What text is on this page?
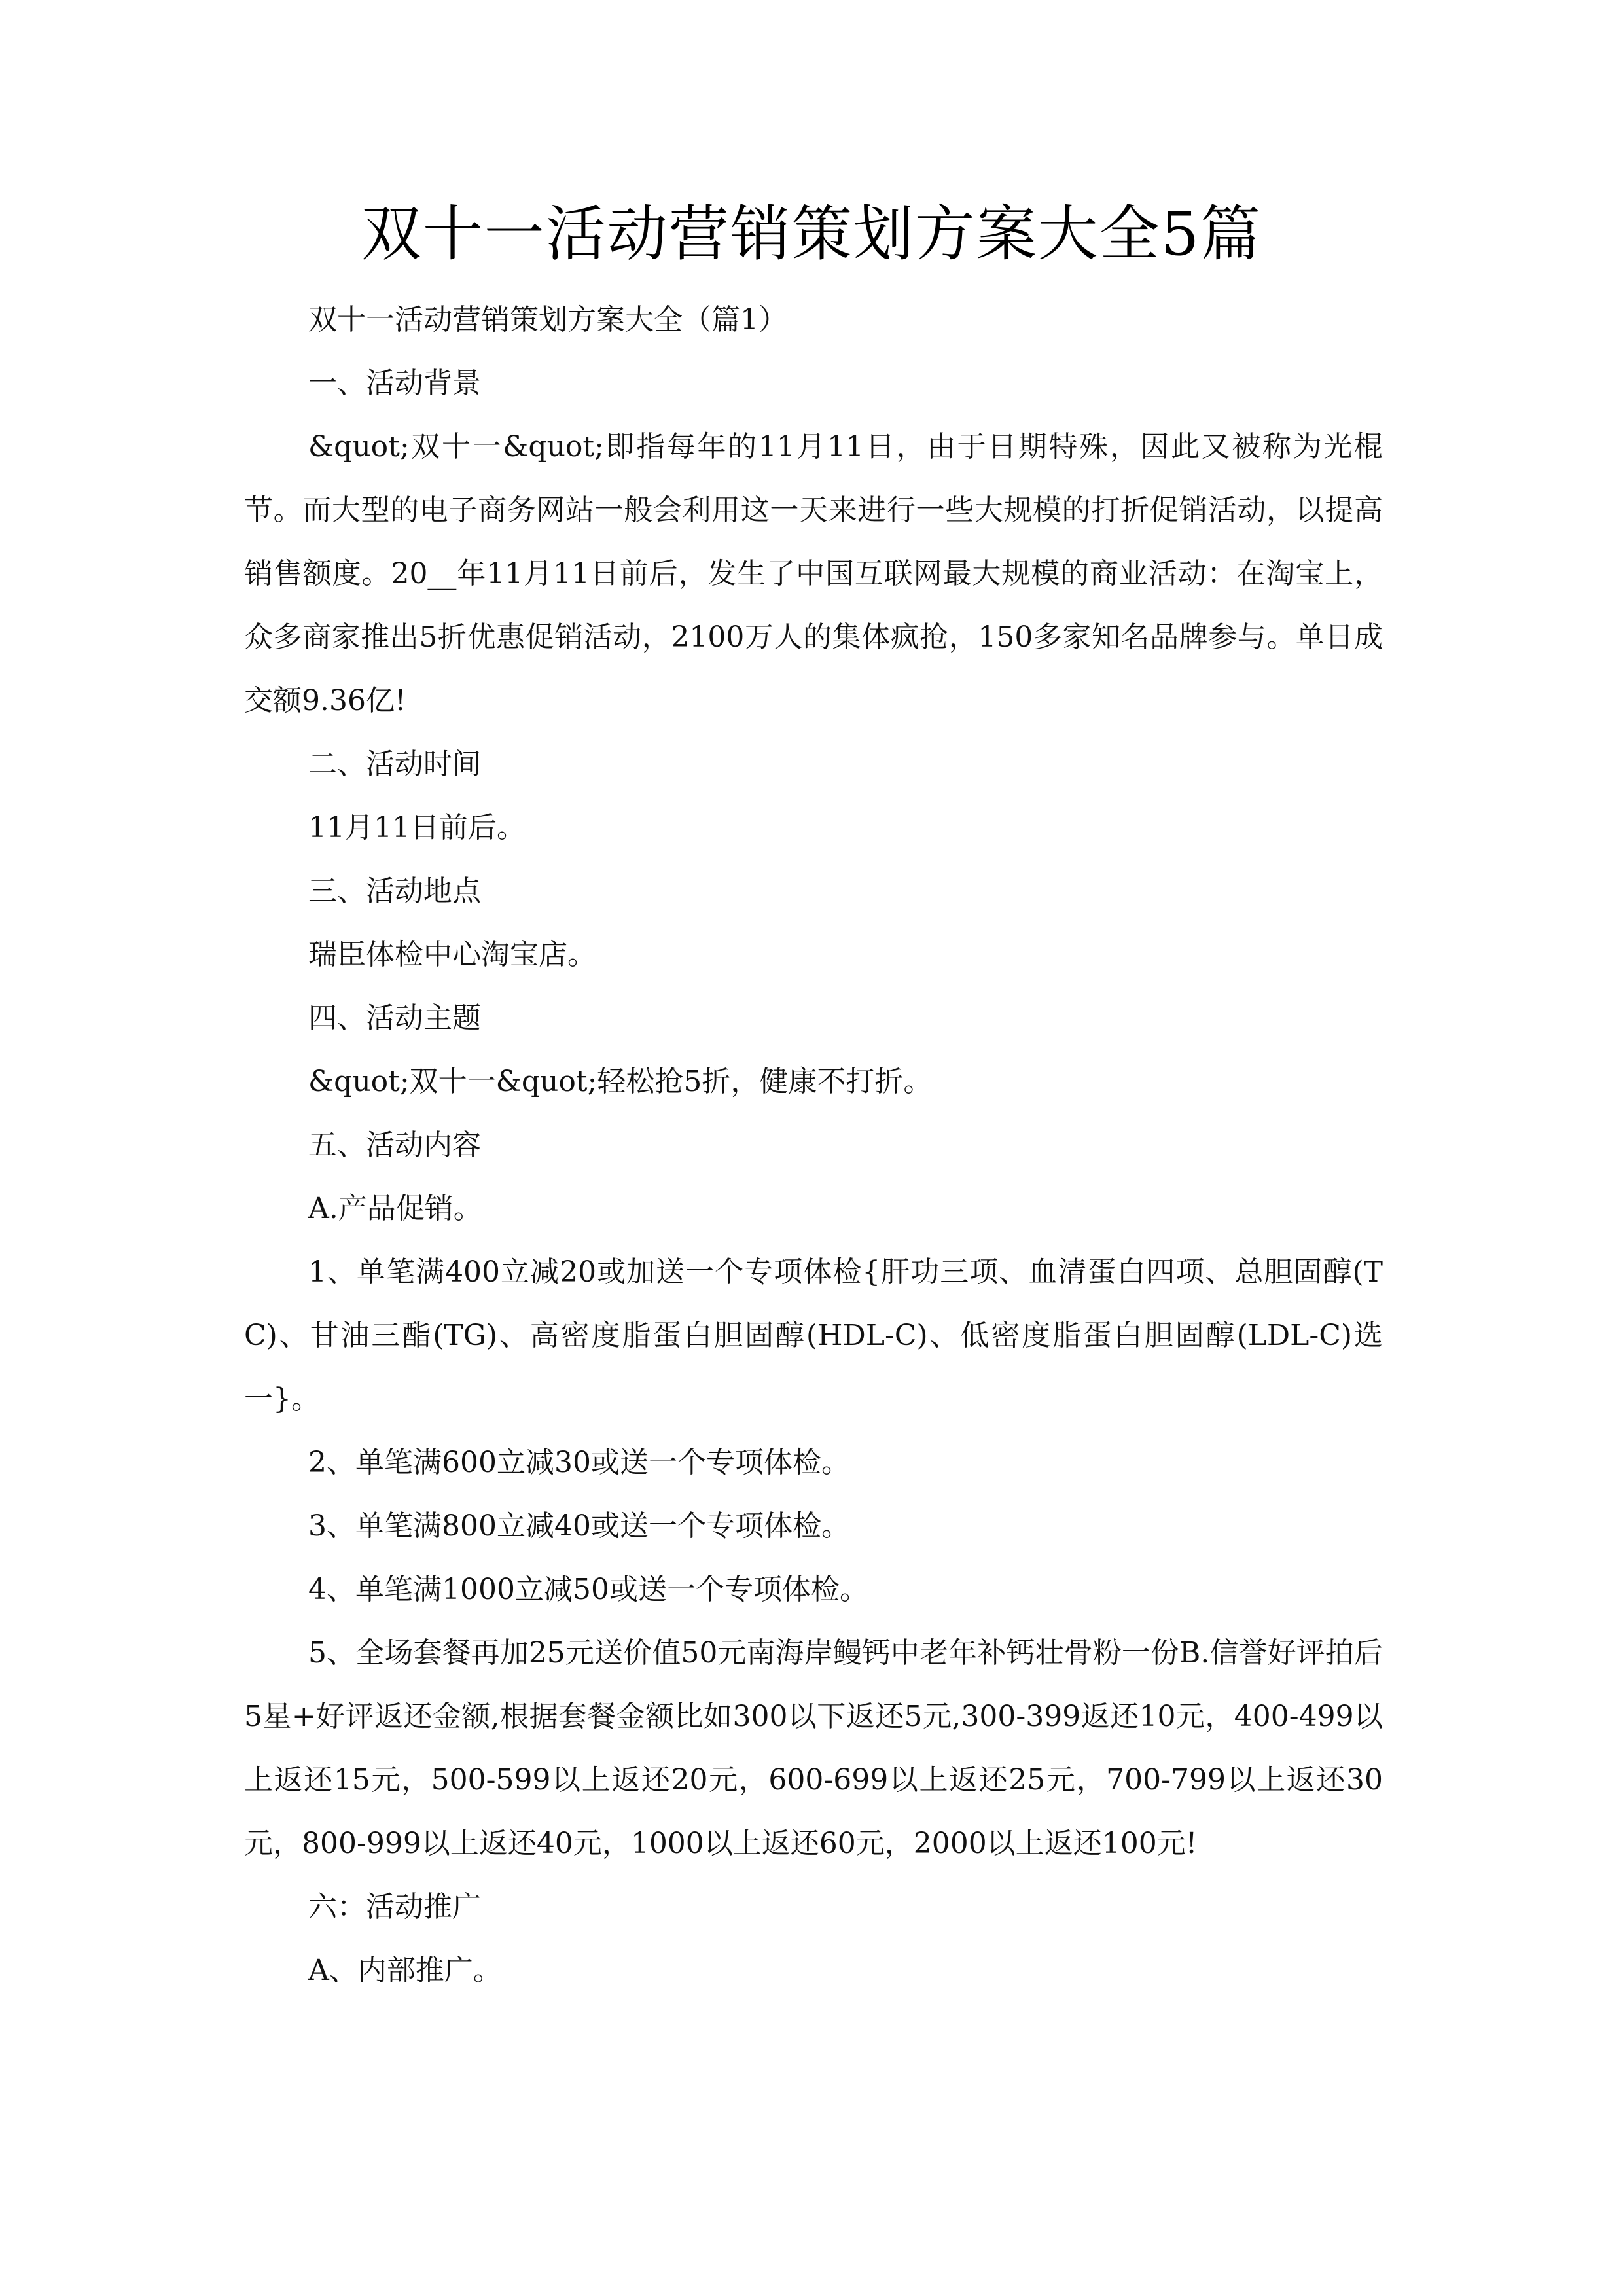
双十一活动营销策划方案大全5篇

双十一活动营销策划方案大全（篇1）

一、活动背景

&quot;双十一&quot;即指每年的11月11日，由于日期特殊，因此又被称为光棍节。而大型的电子商务网站一般会利用这一天来进行一些大规模的打折促销活动，以提高销售额度。20__年11月11日前后，发生了中国互联网最大规模的商业活动：在淘宝上，众多商家推出5折优惠促销活动，2100万人的集体疯抢，150多家知名品牌参与。单日成交额9.36亿!

二、活动时间

11月11日前后。

三、活动地点

瑞臣体检中心淘宝店。

四、活动主题

&quot;双十一&quot;轻松抢5折，健康不打折。

五、活动内容

A.产品促销。

1、单笔满400立减20或加送一个专项体检{肝功三项、血清蛋白四项、总胆固醇(TC)、甘油三酯(TG)、高密度脂蛋白胆固醇(HDL-C)、低密度脂蛋白胆固醇(LDL-C)选一}。

2、单笔满600立减30或送一个专项体检。

3、单笔满800立减40或送一个专项体检。

4、单笔满1000立减50或送一个专项体检。

5、全场套餐再加25元送价值50元南海岸鳗钙中老年补钙壮骨粉一份B.信誉好评拍后5星+好评返还金额,根据套餐金额比如300以下返还5元,300-399返还10元，400-499以上返还15元，500-599以上返还20元，600-699以上返还25元，700-799以上返还30元，800-999以上返还40元，1000以上返还60元，2000以上返还100元!

六：活动推广

A、内部推广。
